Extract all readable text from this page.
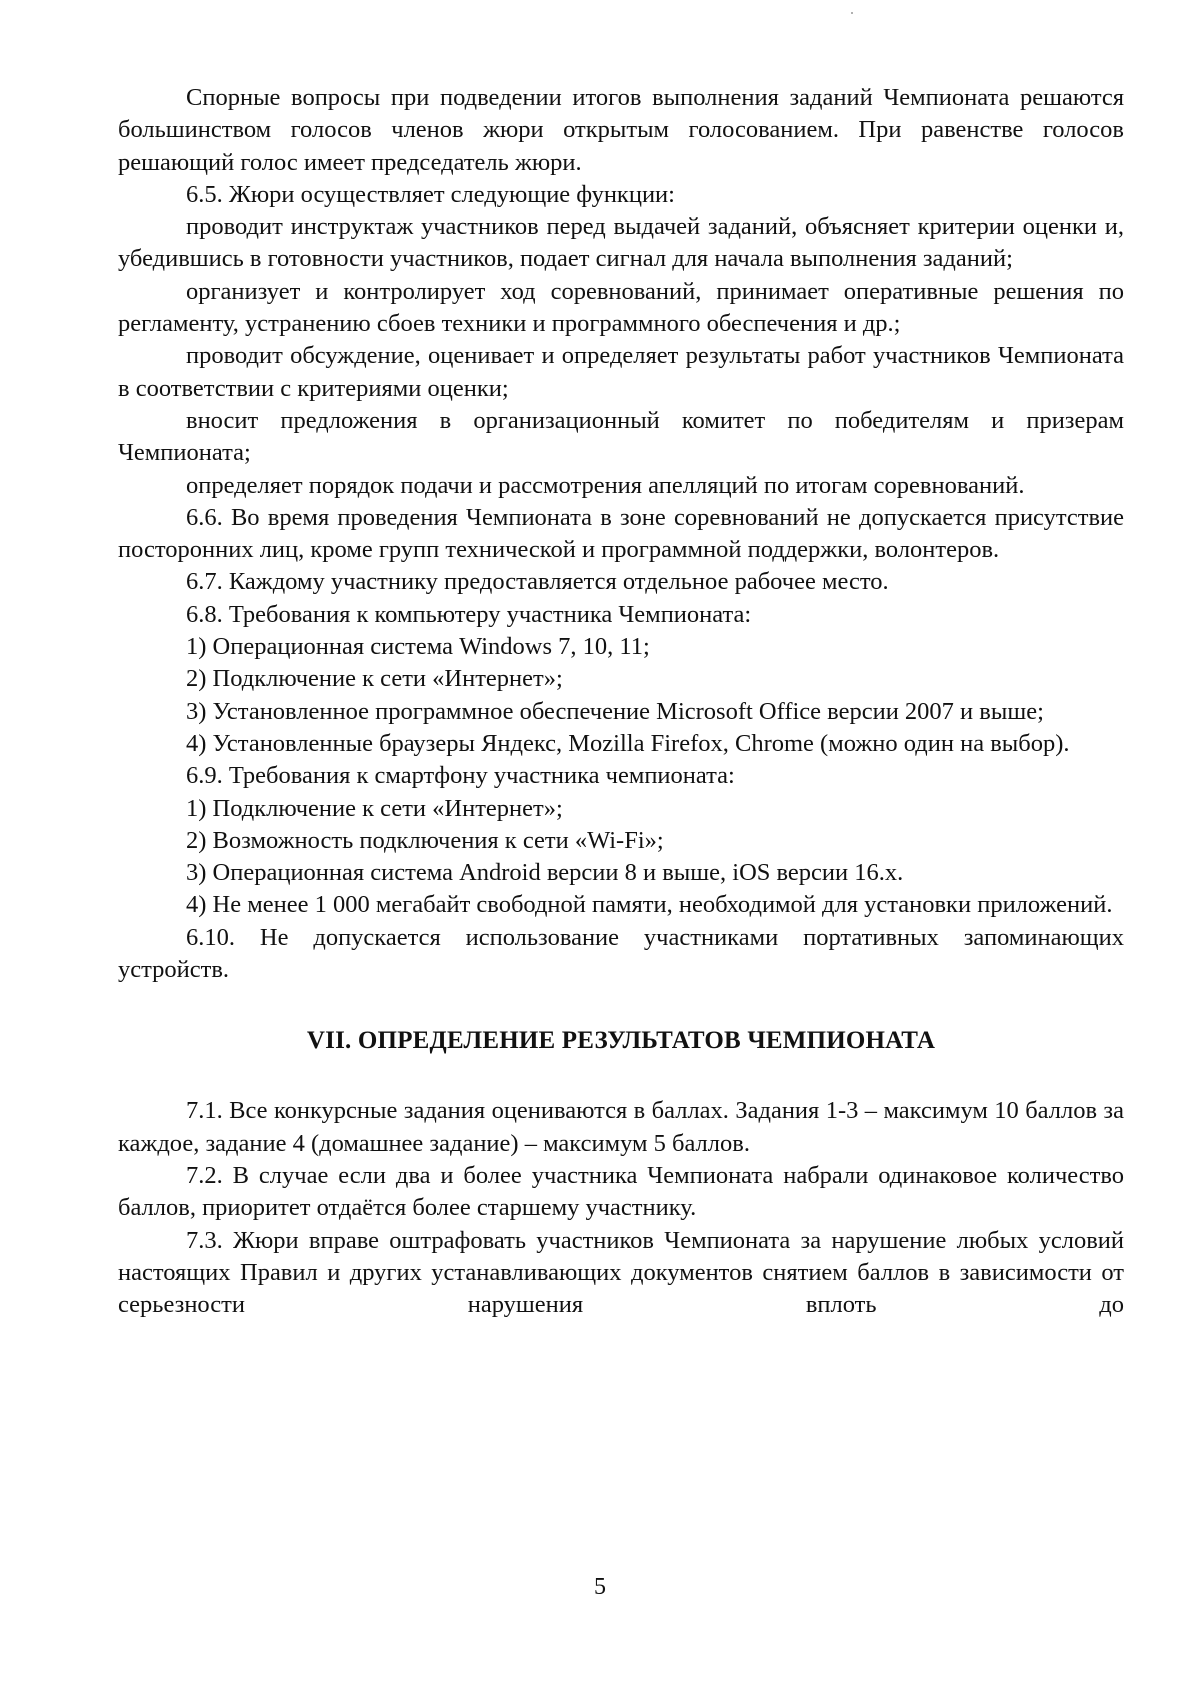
Спорные вопросы при подведении итогов выполнения заданий Чемпионата решаются большинством голосов членов жюри открытым голосованием. При равенстве голосов решающий голос имеет председатель жюри.

6.5. Жюри осуществляет следующие функции:

проводит инструктаж участников перед выдачей заданий, объясняет критерии оценки и, убедившись в готовности участников, подает сигнал для начала выполнения заданий;

организует и контролирует ход соревнований, принимает оперативные решения по регламенту, устранению сбоев техники и программного обеспечения и др.;

проводит обсуждение, оценивает и определяет результаты работ участников Чемпионата в соответствии с критериями оценки;

вносит предложения в организационный комитет по победителям и призерам Чемпионата;

определяет порядок подачи и рассмотрения апелляций по итогам соревнований.

6.6. Во время проведения Чемпионата в зоне соревнований не допускается присутствие посторонних лиц, кроме групп технической и программной поддержки, волонтеров.

6.7. Каждому участнику предоставляется отдельное рабочее место.

6.8. Требования к компьютеру участника Чемпионата:

1) Операционная система Windows 7, 10, 11;

2) Подключение к сети «Интернет»;

3) Установленное программное обеспечение Microsoft Office версии 2007 и выше;

4) Установленные браузеры Яндекс, Mozilla Firefox, Chrome (можно один на выбор).

6.9. Требования к смартфону участника чемпионата:

1) Подключение к сети «Интернет»;

2) Возможность подключения к сети «Wi-Fi»;

3) Операционная система Android версии 8 и выше, iOS версии 16.x.

4) Не менее 1 000 мегабайт свободной памяти, необходимой для установки приложений.

6.10. Не допускается использование участниками портативных запоминающих устройств.

VII. ОПРЕДЕЛЕНИЕ РЕЗУЛЬТАТОВ ЧЕМПИОНАТА

7.1. Все конкурсные задания оцениваются в баллах. Задания 1-3 – максимум 10 баллов за каждое, задание 4 (домашнее задание) – максимум 5 баллов.

7.2. В случае если два и более участника Чемпионата набрали одинаковое количество баллов, приоритет отдаётся более старшему участнику.

7.3. Жюри вправе оштрафовать участников Чемпионата за нарушение любых условий настоящих Правил и других устанавливающих документов снятием баллов в зависимости от серьезности нарушения вплоть до

5
